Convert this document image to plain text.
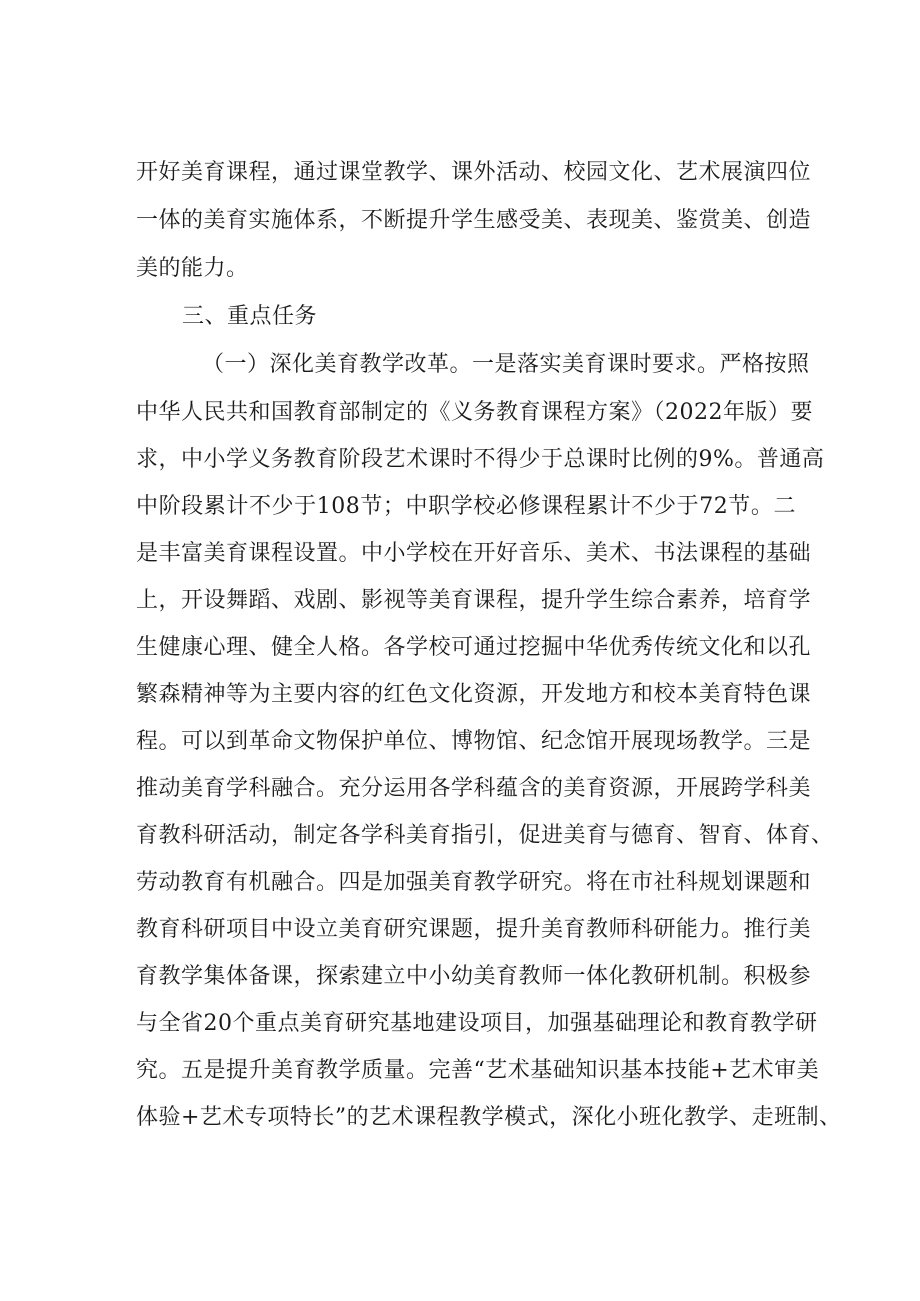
开好美育课程，通过课堂教学、课外活动、校园文化、艺术展演四位
一体的美育实施体系，不断提升学生感受美、表现美、鉴赏美、创造
美的能力。
三、重点任务
（一）深化美育教学改革。一是落实美育课时要求。严格按照
中华人民共和国教育部制定的《义务教育课程方案》（2022年版）要
求，中小学义务教育阶段艺术课时不得少于总课时比例的9%。普通高
中阶段累计不少于108节；中职学校必修课程累计不少于72节。二
是丰富美育课程设置。中小学校在开好音乐、美术、书法课程的基础
上，开设舞蹈、戏剧、影视等美育课程，提升学生综合素养，培育学
生健康心理、健全人格。各学校可通过挖掘中华优秀传统文化和以孔
繁森精神等为主要内容的红色文化资源，开发地方和校本美育特色课
程。可以到革命文物保护单位、博物馆、纪念馆开展现场教学。三是
推动美育学科融合。充分运用各学科蕴含的美育资源，开展跨学科美
育教科研活动，制定各学科美育指引，促进美育与德育、智育、体育、
劳动教育有机融合。四是加强美育教学研究。将在市社科规划课题和
教育科研项目中设立美育研究课题，提升美育教师科研能力。推行美
育教学集体备课，探索建立中小幼美育教师一体化教研机制。积极参
与全省20个重点美育研究基地建设项目，加强基础理论和教育教学研
究。五是提升美育教学质量。完善“艺术基础知识基本技能+艺术审美
体验+艺术专项特长”的艺术课程教学模式，深化小班化教学、走班制、
